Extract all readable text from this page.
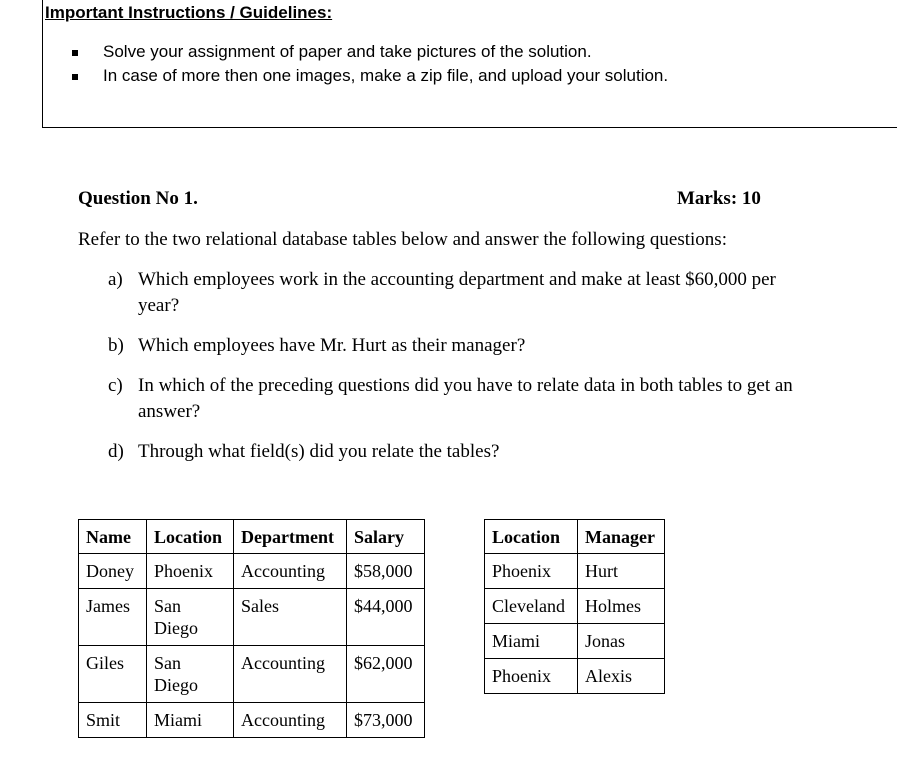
Important Instructions / Guidelines:
Solve your assignment of paper and take pictures of the solution.
In case of more then one images, make a zip file, and upload your solution.
Question No 1.	Marks: 10
Refer to the two relational database tables below and answer the following questions:
a) Which employees work in the accounting department and make at least $60,000 per
year?
b) Which employees have Mr. Hurt as their manager?
c) In which of the preceding questions did you have to relate data in both tables to get an
answer?
d) Through what field(s) did you relate the tables?
Name	Location	Department	Salary
Doney	Phoenix	Accounting	$58,000
James	San
Diego	Sales	$44,000
Giles	San
Diego	Accounting	$62,000
Smit	Miami	Accounting	$73,000
Location	Manager
Phoenix	Hurt
Cleveland	Holmes
Miami	Jonas
Phoenix	Alexis
